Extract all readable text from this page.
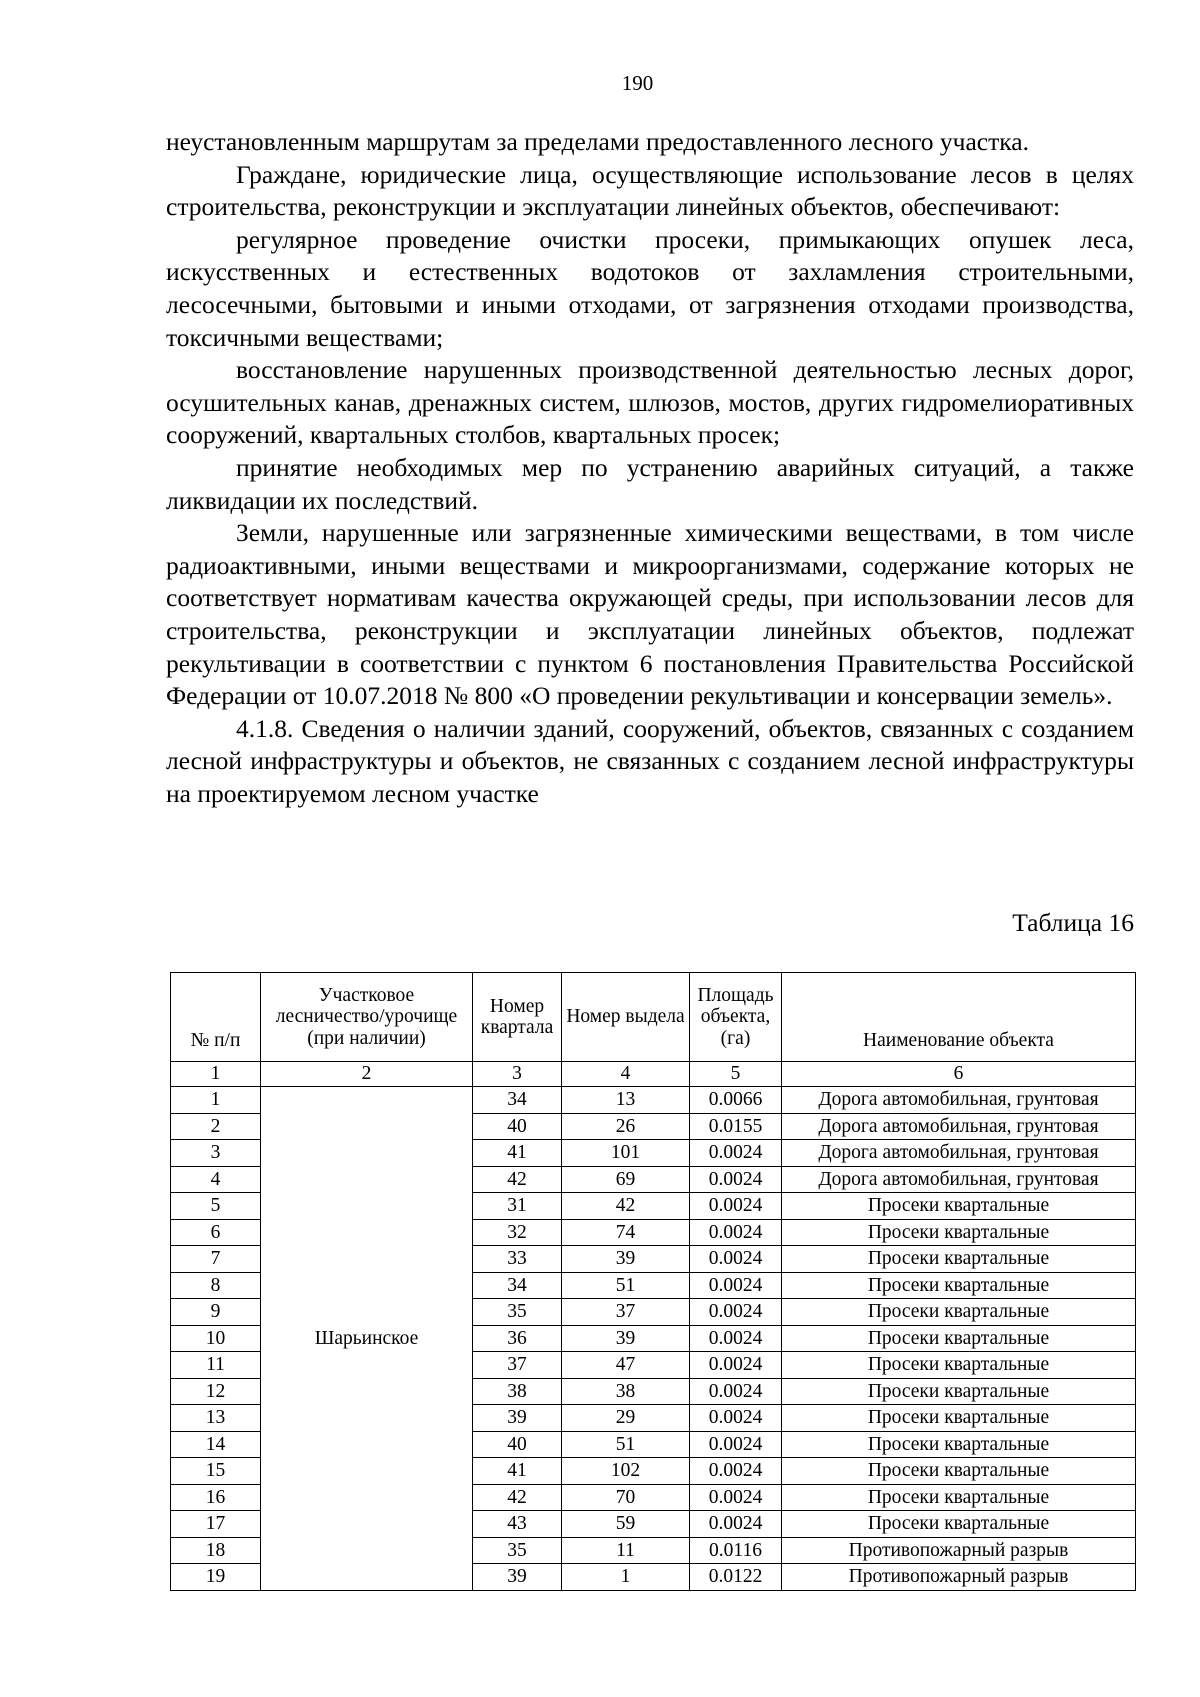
190

неустановленным маршрутам за пределами предоставленного лесного участка.

Граждане, юридические лица, осуществляющие использование лесов в целях строительства, реконструкции и эксплуатации линейных объектов, обеспечивают:

регулярное проведение очистки просеки, примыкающих опушек леса, искусственных и естественных водотоков от захламления строительными, лесосечными, бытовыми и иными отходами, от загрязнения отходами производства, токсичными веществами;

восстановление нарушенных производственной деятельностью лесных дорог, осушительных канав, дренажных систем, шлюзов, мостов, других гидромелиоративных сооружений, квартальных столбов, квартальных просек;

принятие необходимых мер по устранению аварийных ситуаций, а также ликвидации их последствий.

Земли, нарушенные или загрязненные химическими веществами, в том числе радиоактивными, иными веществами и микроорганизмами, содержание которых не соответствует нормативам качества окружающей среды, при использовании лесов для строительства, реконструкции и эксплуатации линейных объектов, подлежат рекультивации в соответствии с пунктом 6 постановления Правительства Российской Федерации от 10.07.2018 № 800 «О проведении рекультивации и консервации земель».

4.1.8. Сведения о наличии зданий, сооружений, объектов, связанных с созданием лесной инфраструктуры и объектов, не связанных с созданием лесной инфраструктуры на проектируемом лесном участке

Таблица 16
№ п/п	Участковое лесничество/урочище (при наличии)	Номер квартала	Номер выдела	Площадь объекта, (га)	Наименование объекта
1	2	3	4	5	6
1	Шарьинское	34	13	0.0066	Дорога автомобильная, грунтовая
2		40	26	0.0155	Дорога автомобильная, грунтовая
3		41	101	0.0024	Дорога автомобильная, грунтовая
4		42	69	0.0024	Дорога автомобильная, грунтовая
5		31	42	0.0024	Просеки квартальные
6		32	74	0.0024	Просеки квартальные
7		33	39	0.0024	Просеки квартальные
8		34	51	0.0024	Просеки квартальные
9		35	37	0.0024	Просеки квартальные
10		36	39	0.0024	Просеки квартальные
11		37	47	0.0024	Просеки квартальные
12		38	38	0.0024	Просеки квартальные
13		39	29	0.0024	Просеки квартальные
14		40	51	0.0024	Просеки квартальные
15		41	102	0.0024	Просеки квартальные
16		42	70	0.0024	Просеки квартальные
17		43	59	0.0024	Просеки квартальные
18		35	11	0.0116	Противопожарный разрыв
19		39	1	0.0122	Противопожарный разрыв
